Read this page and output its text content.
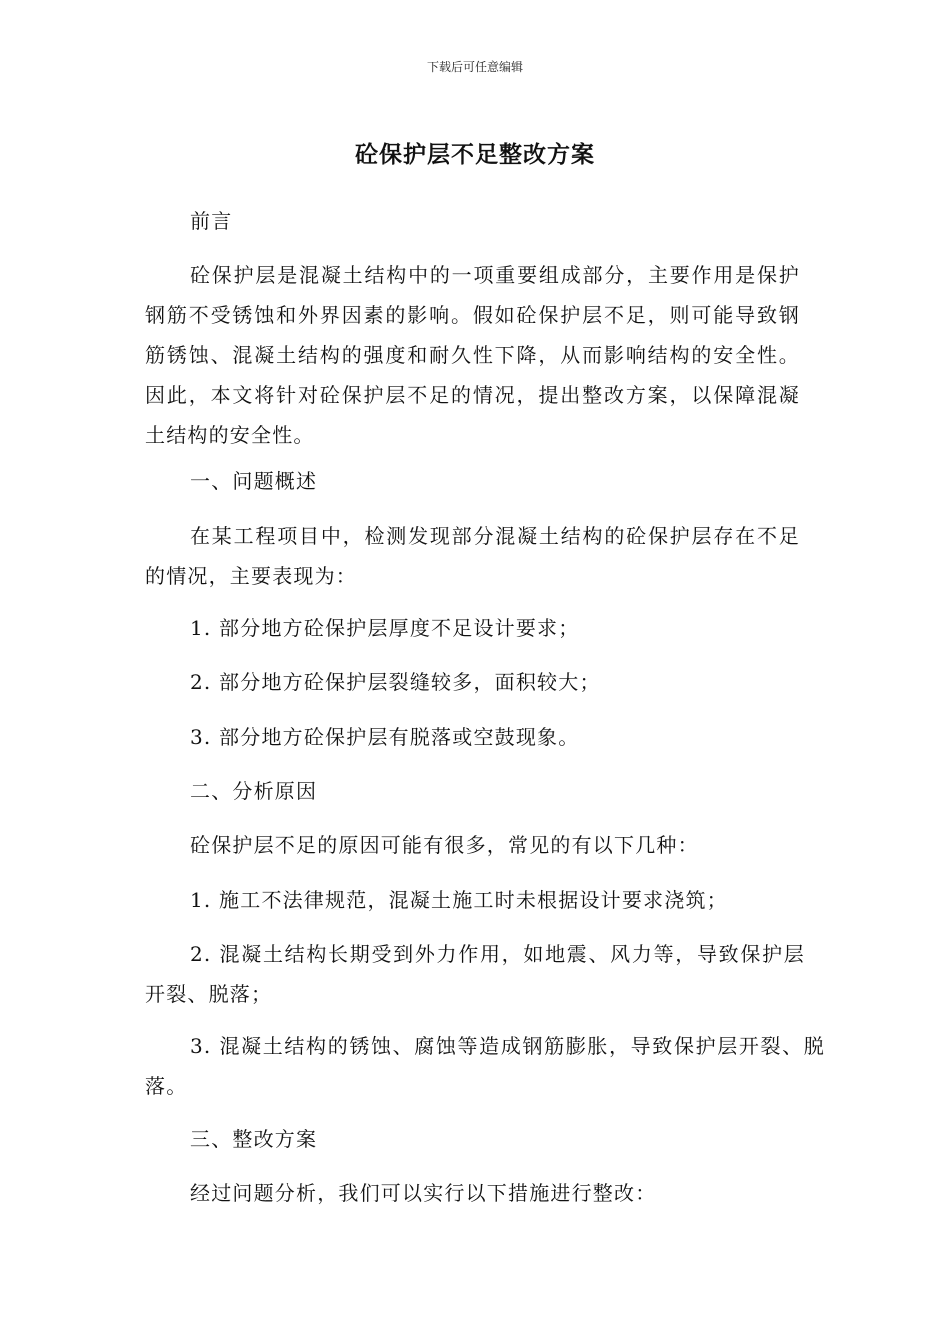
下载后可任意编辑
砼保护层不足整改方案
前言
砼保护层是混凝土结构中的一项重要组成部分，主要作用是保护钢筋不受锈蚀和外界因素的影响。假如砼保护层不足，则可能导致钢筋锈蚀、混凝土结构的强度和耐久性下降，从而影响结构的安全性。因此，本文将针对砼保护层不足的情况，提出整改方案，以保障混凝土结构的安全性。
一、问题概述
在某工程项目中，检测发现部分混凝土结构的砼保护层存在不足的情况，主要表现为：
1. 部分地方砼保护层厚度不足设计要求；
2. 部分地方砼保护层裂缝较多，面积较大；
3. 部分地方砼保护层有脱落或空鼓现象。
二、分析原因
砼保护层不足的原因可能有很多，常见的有以下几种：
1. 施工不法律规范，混凝土施工时未根据设计要求浇筑；
2. 混凝土结构长期受到外力作用，如地震、风力等，导致保护层开裂、脱落；
3. 混凝土结构的锈蚀、腐蚀等造成钢筋膨胀，导致保护层开裂、脱落。
三、整改方案
经过问题分析，我们可以实行以下措施进行整改：
